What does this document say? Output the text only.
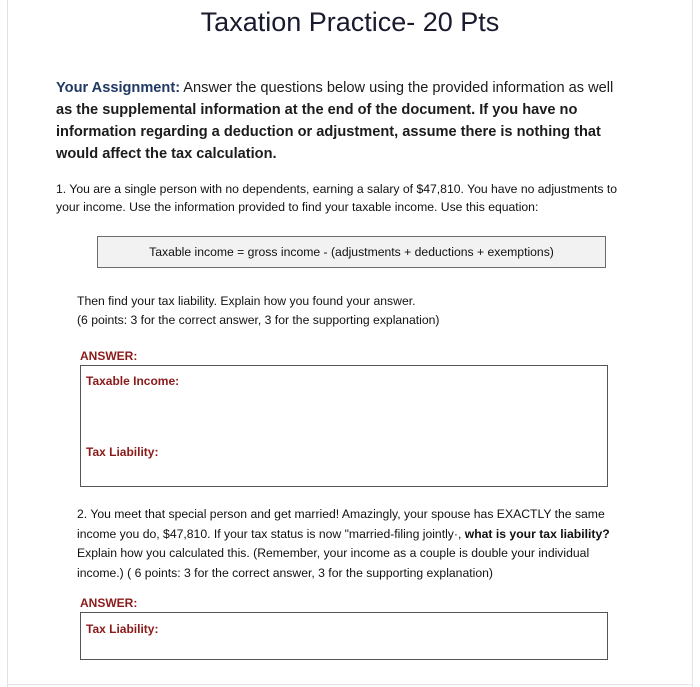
Taxation Practice- 20 Pts
Your Assignment: Answer the questions below using the provided information as well as the supplemental information at the end of the document. If you have no information regarding a deduction or adjustment, assume there is nothing that would affect the tax calculation.
1. You are a single person with no dependents, earning a salary of $47,810. You have no adjustments to your income. Use the information provided to find your taxable income. Use this equation:
Taxable income = gross income - (adjustments + deductions + exemptions)
Then find your tax liability. Explain how you found your answer.
(6 points: 3 for the correct answer, 3 for the supporting explanation)
ANSWER:
Taxable Income:
Tax Liability:
2. You meet that special person and get married! Amazingly, your spouse has EXACTLY the same income you do, $47,810. If your tax status is now "married-filing jointly·, what is your tax liability? Explain how you calculated this. (Remember, your income as a couple is double your individual income.) ( 6 points: 3 for the correct answer, 3 for the supporting explanation)
ANSWER:
Tax Liability:
